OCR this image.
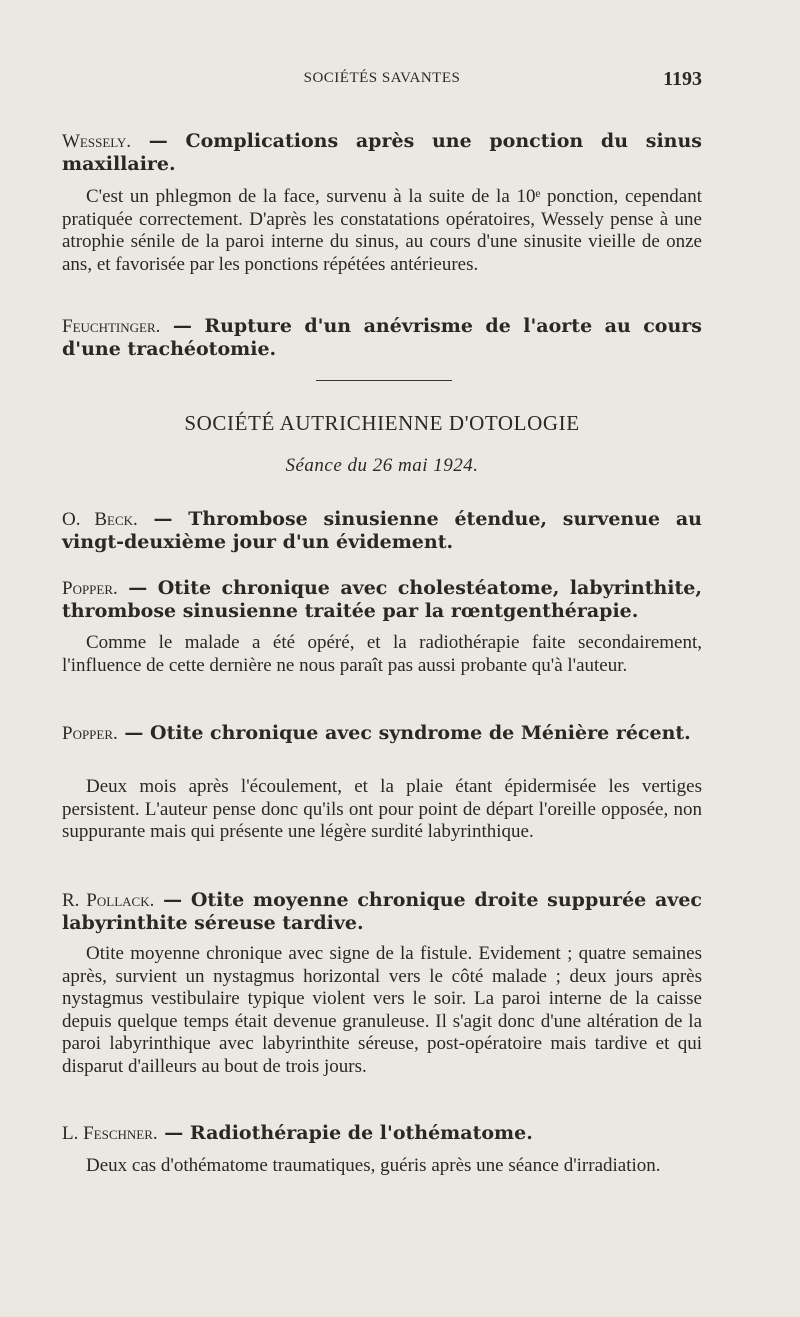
SOCIÉTÉS SAVANTES	1193
Wessely. — Complications après une ponction du sinus maxillaire.
C'est un phlegmon de la face, survenu à la suite de la 10ᵉ ponction, cependant pratiquée correctement. D'après les constatations opératoires, Wessely pense à une atrophie sénile de la paroi interne du sinus, au cours d'une sinusite vieille de onze ans, et favorisée par les ponctions répétées antérieures.
Feuchtinger. — Rupture d'un anévrisme de l'aorte au cours d'une trachéotomie.
SOCIÉTÉ AUTRICHIENNE D'OTOLOGIE
Séance du 26 mai 1924.
O. Beck. — Thrombose sinusienne étendue, survenue au vingt-deuxième jour d'un évidement.
Popper. — Otite chronique avec cholestéatome, labyrinthite, thrombose sinusienne traitée par la rœntgenthérapie.
Comme le malade a été opéré, et la radiothérapie faite secondairement, l'influence de cette dernière ne nous paraît pas aussi probante qu'à l'auteur.
Popper. — Otite chronique avec syndrome de Ménière récent.
Deux mois après l'écoulement, et la plaie étant épidermisée les vertiges persistent. L'auteur pense donc qu'ils ont pour point de départ l'oreille opposée, non suppurante mais qui présente une légère surdité labyrinthique.
R. Pollack. — Otite moyenne chronique droite suppurée avec labyrinthite séreuse tardive.
Otite moyenne chronique avec signe de la fistule. Evidement ; quatre semaines après, survient un nystagmus horizontal vers le côté malade ; deux jours après nystagmus vestibulaire typique violent vers le soir. La paroi interne de la caisse depuis quelque temps était devenue granuleuse. Il s'agit donc d'une altération de la paroi labyrinthique avec labyrinthite séreuse, post-opératoire mais tardive et qui disparut d'ailleurs au bout de trois jours.
L. Feschner. — Radiothérapie de l'othématome.
Deux cas d'othématome traumatiques, guéris après une séance d'irradiation.
